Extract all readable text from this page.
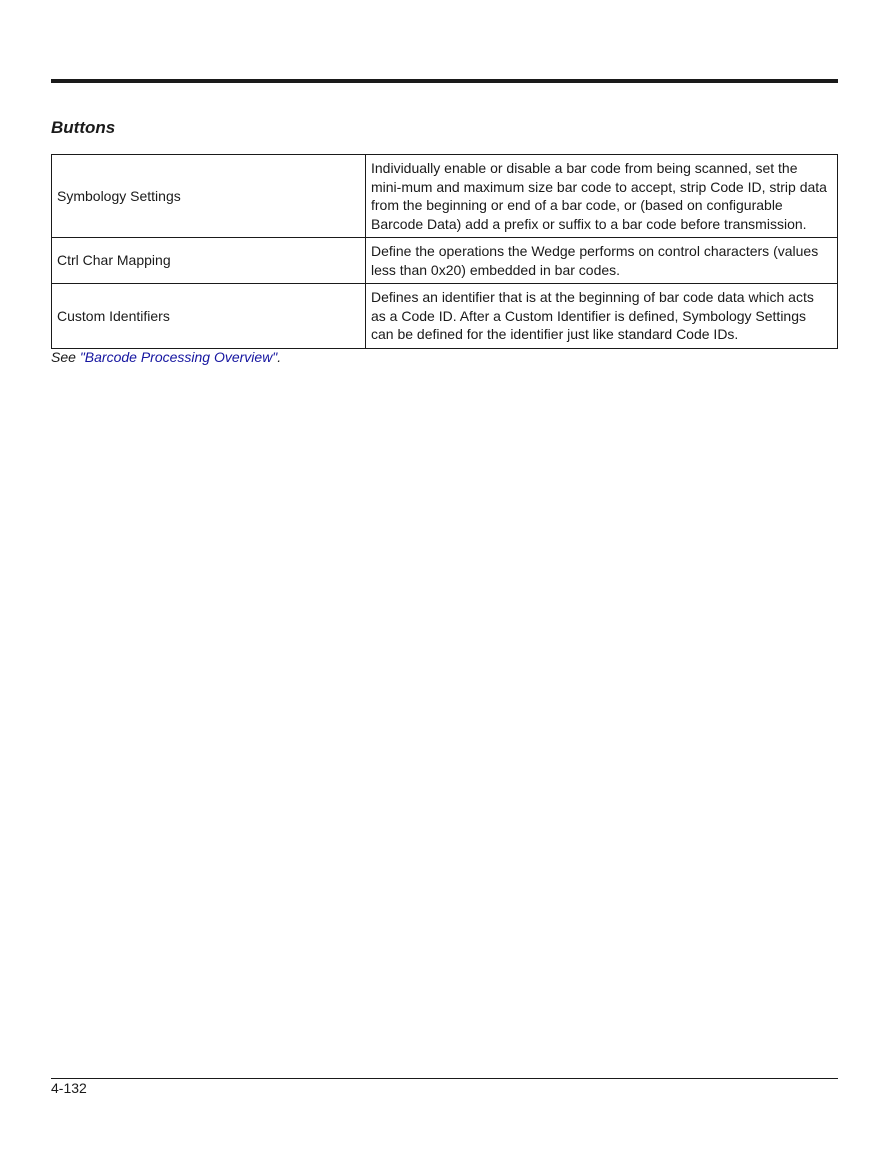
Buttons
Symbology Settings	Individually enable or disable a bar code from being scanned, set the mini-mum and maximum size bar code to accept, strip Code ID, strip data from the beginning or end of a bar code, or (based on configurable Barcode Data) add a prefix or suffix to a bar code before transmission.
Ctrl Char Mapping	Define the operations the Wedge performs on control characters (values less than 0x20) embedded in bar codes.
Custom Identifiers	Defines an identifier that is at the beginning of bar code data which acts as a Code ID. After a Custom Identifier is defined, Symbology Settings can be defined for the identifier just like standard Code IDs.
See "Barcode Processing Overview".
4-132
